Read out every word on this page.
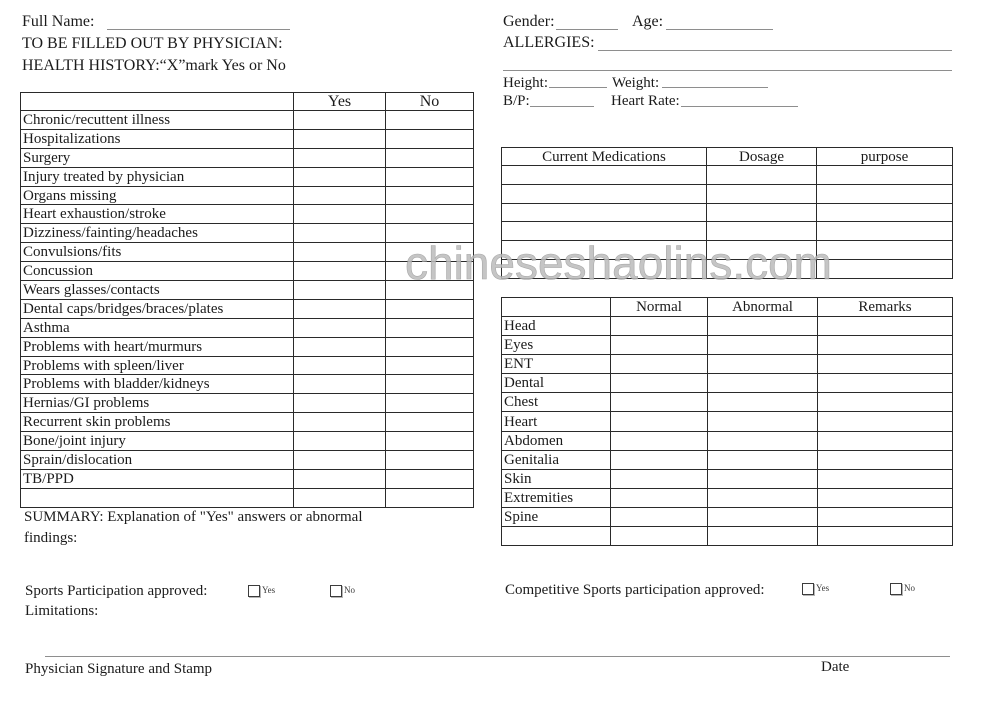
Full Name:
TO BE FILLED OUT BY PHYSICIAN:
HEALTH HISTORY:“X”mark Yes or No
Gender:	Age:
ALLERGIES:
Height:	Weight:
B/P:	Heart Rate:
	Yes	No
Chronic/recuttent illness		
Hospitalizations		
Surgery		
Injury treated by physician		
Organs missing		
Heart exhaustion/stroke		
Dizziness/fainting/headaches		
Convulsions/fits		
Concussion		
Wears glasses/contacts		
Dental caps/bridges/braces/plates		
Asthma		
Problems with heart/murmurs		
Problems with spleen/liver		
Problems with bladder/kidneys		
Hernias/GI problems		
Recurrent skin problems		
Bone/joint injury		
Sprain/dislocation		
TB/PPD		

Current Medications	Dosage	purpose

	Normal	Abnormal	Remarks
Head			
Eyes			
ENT			
Dental			
Chest			
Heart			
Abdomen			
Genitalia			
Skin			
Extremities			
Spine			

chineseshaolins.com
SUMMARY: Explanation of "Yes" answers or abnormal
findings:
Sports Participation approved:	Yes	No
Limitations:
Competitive Sports participation approved:	Yes	No
Physician Signature and Stamp	Date
